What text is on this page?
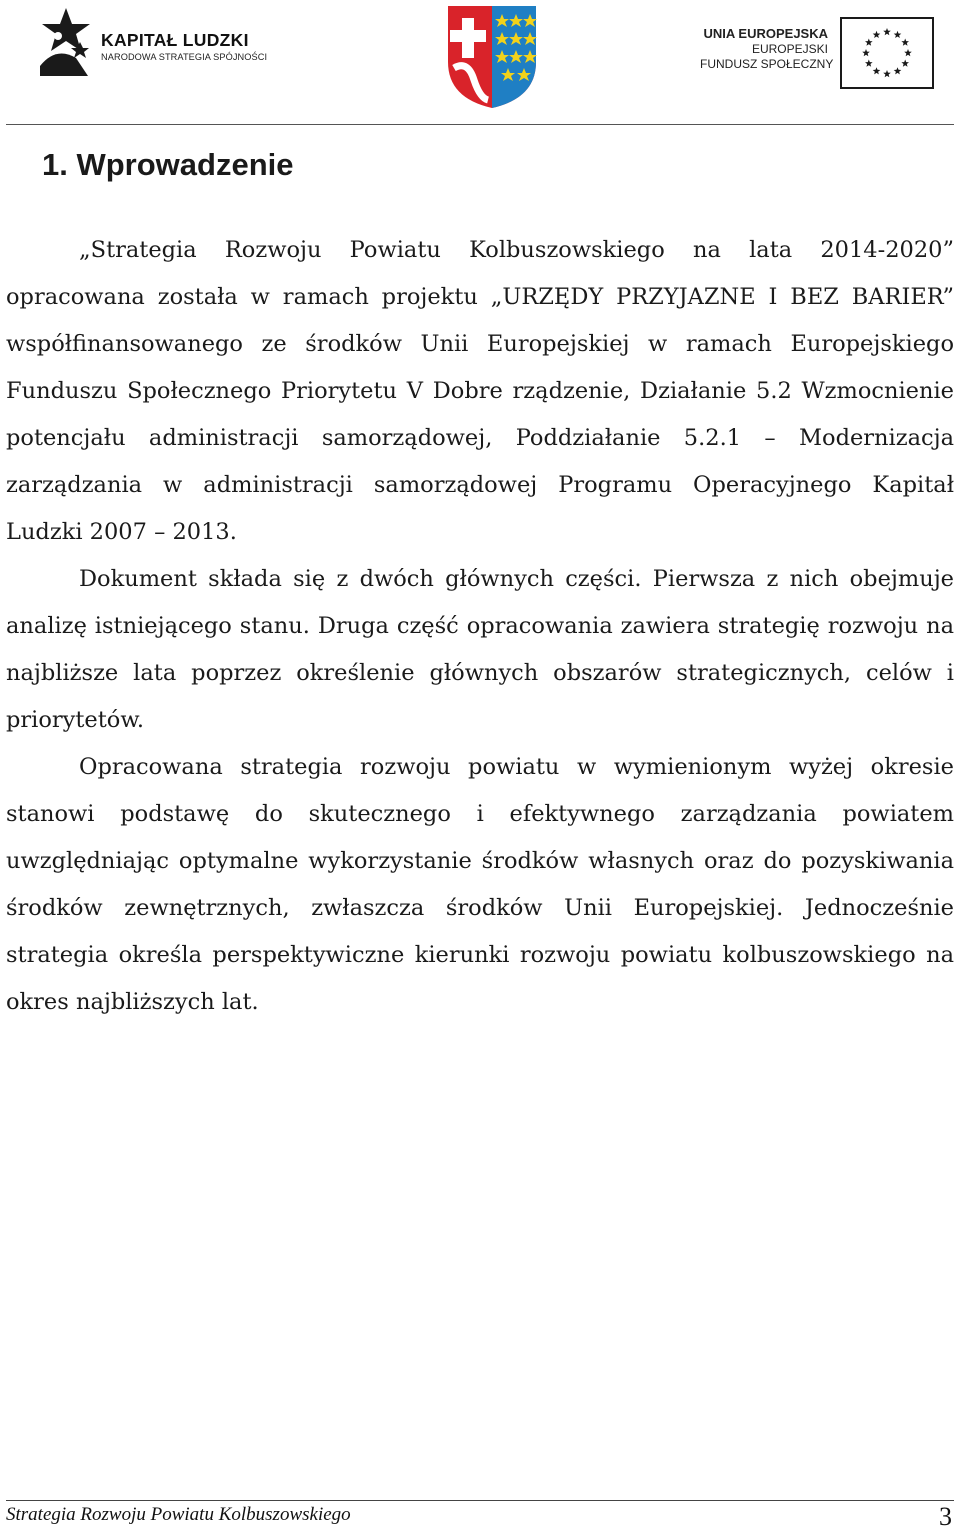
KAPITAŁ LUDZKI
NARODOWA STRATEGIA SPÓJNOŚCI
UNIA EUROPEJSKA
EUROPEJSKI
FUNDUSZ SPOŁECZNY
1. Wprowadzenie

„Strategia Rozwoju Powiatu Kolbuszowskiego na lata 2014-2020” opracowana została w ramach projektu „URZĘDY PRZYJAZNE I BEZ BARIER” współfinansowanego ze środków Unii Europejskiej w ramach Europejskiego Funduszu Społecznego Priorytetu V Dobre rządzenie, Działanie 5.2 Wzmocnienie potencjału administracji samorządowej, Poddziałanie 5.2.1 – Modernizacja zarządzania w administracji samorządowej Programu Operacyjnego Kapitał Ludzki 2007 – 2013.

Dokument składa się z dwóch głównych części. Pierwsza z nich obejmuje analizę istniejącego stanu. Druga część opracowania zawiera strategię rozwoju na najbliższe lata poprzez określenie głównych obszarów strategicznych, celów i priorytetów.

Opracowana strategia rozwoju powiatu w wymienionym wyżej okresie stanowi podstawę do skutecznego i efektywnego zarządzania powiatem uwzględniając optymalne wykorzystanie środków własnych oraz do pozyskiwania środków zewnętrznych, zwłaszcza środków Unii Europejskiej. Jednocześnie strategia określa perspektywiczne kierunki rozwoju powiatu kolbuszowskiego na okres najbliższych lat.

Strategia Rozwoju Powiatu Kolbuszowskiego	3
